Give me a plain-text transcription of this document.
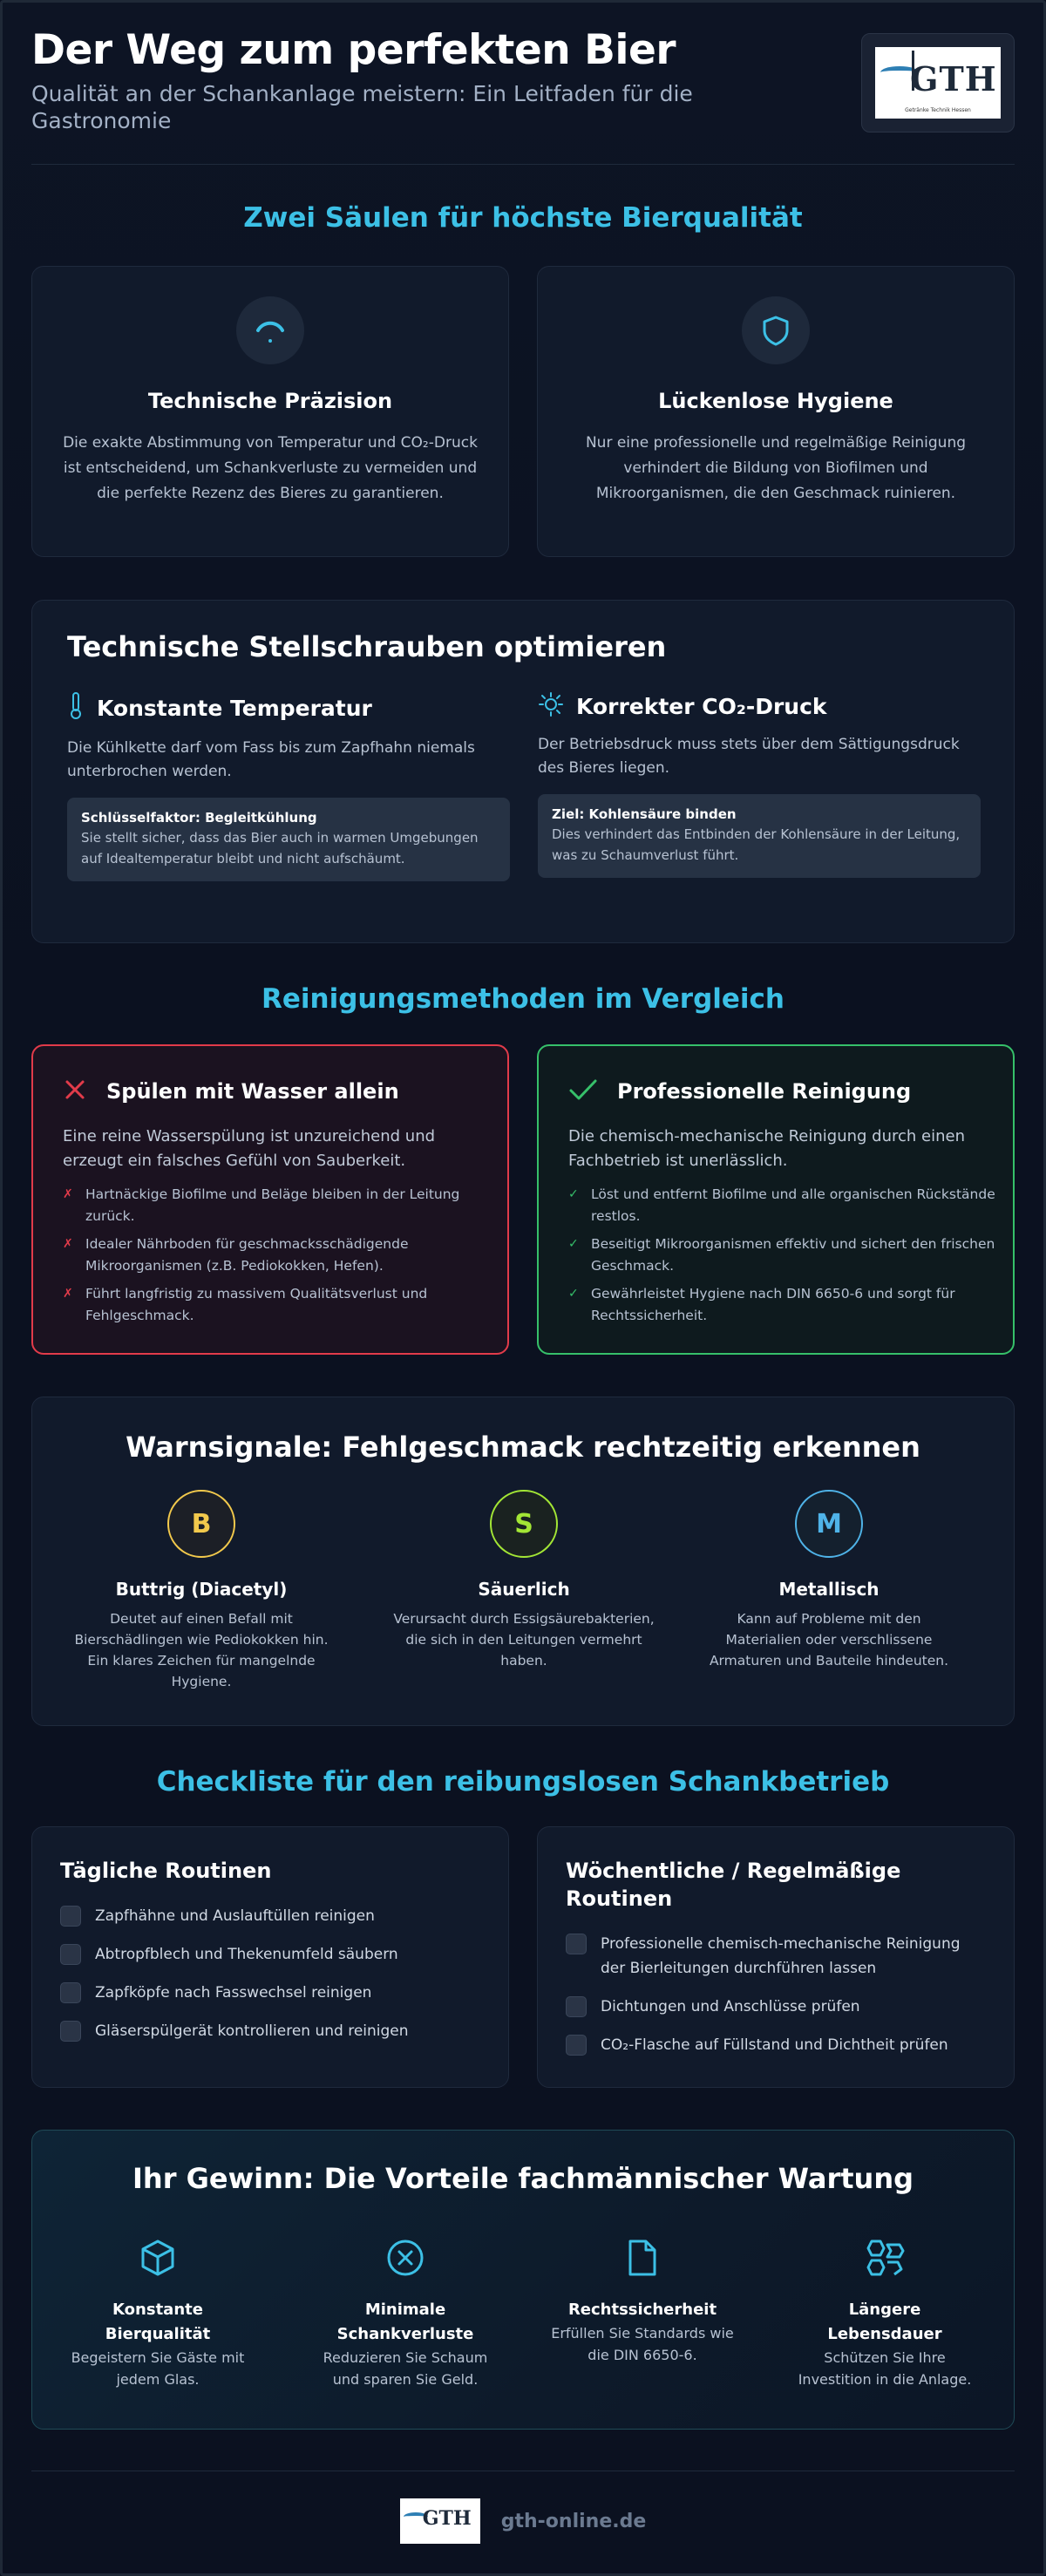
Der Weg zum perfekten Bier
Qualität an der Schankanlage meistern: Ein Leitfaden für die Gastronomie
GTH
Getränke Technik Hessen
Zwei Säulen für höchste Bierqualität
Technische Präzision

Die exakte Abstimmung von Temperatur und CO₂-Druck ist entscheidend, um Schankverluste zu vermeiden und die perfekte Rezenz des Bieres zu garantieren.

Lückenlose Hygiene

Nur eine professionelle und regelmäßige Reinigung verhindert die Bildung von Biofilmen und Mikroorganismen, die den Geschmack ruinieren.

Technische Stellschrauben optimieren
Konstante Temperatur

Die Kühlkette darf vom Fass bis zum Zapfhahn niemals unterbrochen werden.

Schlüsselfaktor: Begleitkühlung
Sie stellt sicher, dass das Bier auch in warmen Umgebungen auf Idealtemperatur bleibt und nicht aufschäumt.
Korrekter CO₂-Druck

Der Betriebsdruck muss stets über dem Sättigungsdruck des Bieres liegen.

Ziel: Kohlensäure binden
Dies verhindert das Entbinden der Kohlensäure in der Leitung, was zu Schaumverlust führt.
Reinigungsmethoden im Vergleich
Spülen mit Wasser allein

Eine reine Wasserspülung ist unzureichend und erzeugt ein falsches Gefühl von Sauberkeit.

✗ Hartnäckige Biofilme und Beläge bleiben in der Leitung zurück.
✗ Idealer Nährboden für geschmacksschädigende Mikroorganismen (z.B. Pediokokken, Hefen).
✗ Führt langfristig zu massivem Qualitätsverlust und Fehlgeschmack.
Professionelle Reinigung

Die chemisch-mechanische Reinigung durch einen Fachbetrieb ist unerlässlich.

✓ Löst und entfernt Biofilme und alle organischen Rückstände restlos.
✓ Beseitigt Mikroorganismen effektiv und sichert den frischen Geschmack.
✓ Gewährleistet Hygiene nach DIN 6650-6 und sorgt für Rechtssicherheit.
Warnsignale: Fehlgeschmack rechtzeitig erkennen
B
Buttrig (Diacetyl)

Deutet auf einen Befall mit Bierschädlingen wie Pediokokken hin. Ein klares Zeichen für mangelnde Hygiene.

S
Säuerlich

Verursacht durch Essigsäurebakterien, die sich in den Leitungen vermehrt haben.

M
Metallisch

Kann auf Probleme mit den Materialien oder verschlissene Armaturen und Bauteile hindeuten.

Checkliste für den reibungslosen Schankbetrieb
Tägliche Routinen
Zapfhähne und Auslauftüllen reinigen
Abtropfblech und Thekenumfeld säubern
Zapfköpfe nach Fasswechsel reinigen
Gläserspülgerät kontrollieren und reinigen
Wöchentliche / Regelmäßige Routinen
Professionelle chemisch-mechanische Reinigung der Bierleitungen durchführen lassen
Dichtungen und Anschlüsse prüfen
CO₂-Flasche auf Füllstand und Dichtheit prüfen
Ihr Gewinn: Die Vorteile fachmännischer Wartung
Konstante Bierqualität

Begeistern Sie Gäste mit jedem Glas.

Minimale Schankverluste

Reduzieren Sie Schaum und sparen Sie Geld.

Rechtssicherheit

Erfüllen Sie Standards wie die DIN 6650-6.

Längere Lebensdauer

Schützen Sie Ihre Investition in die Anlage.

GTH gth-online.de
